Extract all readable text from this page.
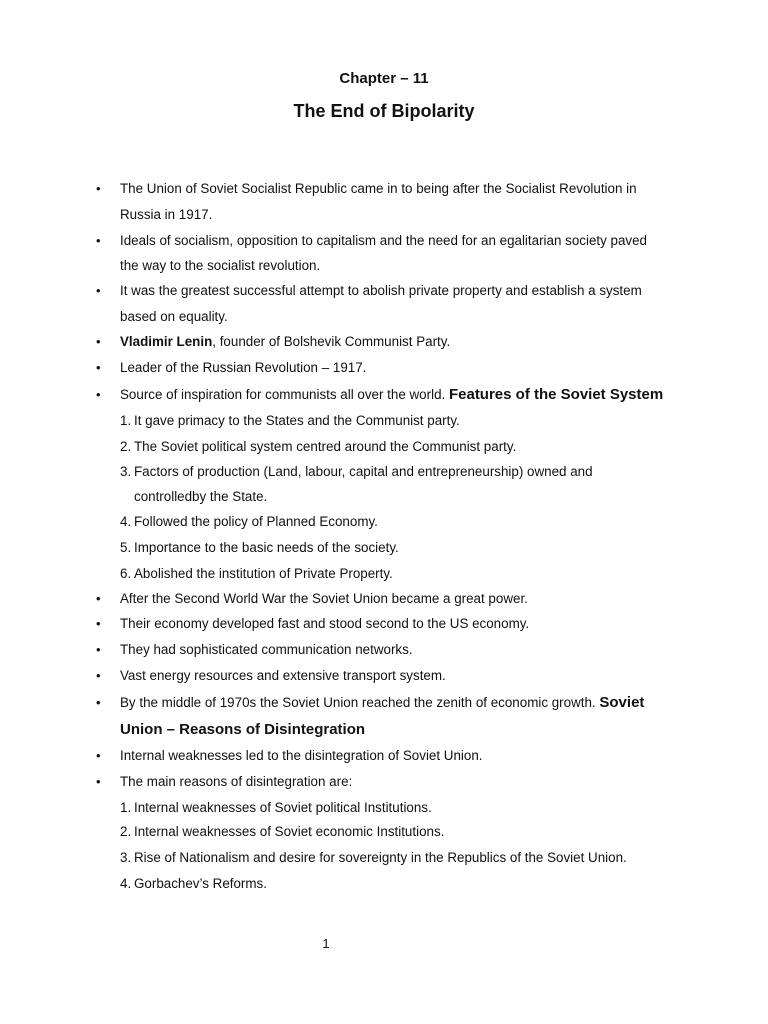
Chapter – 11
The End of Bipolarity
• The Union of Soviet Socialist Republic came in to being after the Socialist Revolution in
Russia in 1917.
• Ideals of socialism, opposition to capitalism and the need for an egalitarian society paved
the way to the socialist revolution.
• It was the greatest successful attempt to abolish private property and establish a system
based on equality.
• Vladimir Lenin, founder of Bolshevik Communist Party.
• Leader of the Russian Revolution – 1917.
• Source of inspiration for communists all over the world. Features of the Soviet System
1. It gave primacy to the States and the Communist party.
2. The Soviet political system centred around the Communist party.
3. Factors of production (Land, labour, capital and entrepreneurship) owned and
controlledby the State.
4. Followed the policy of Planned Economy.
5. Importance to the basic needs of the society.
6. Abolished the institution of Private Property.
• After the Second World War the Soviet Union became a great power.
• Their economy developed fast and stood second to the US economy.
• They had sophisticated communication networks.
• Vast energy resources and extensive transport system.
• By the middle of 1970s the Soviet Union reached the zenith of economic growth. Soviet
Union – Reasons of Disintegration
• Internal weaknesses led to the disintegration of Soviet Union.
• The main reasons of disintegration are:
1. Internal weaknesses of Soviet political Institutions.
2. Internal weaknesses of Soviet economic Institutions.
3. Rise of Nationalism and desire for sovereignty in the Republics of the Soviet Union.
4. Gorbachev’s Reforms.
1
